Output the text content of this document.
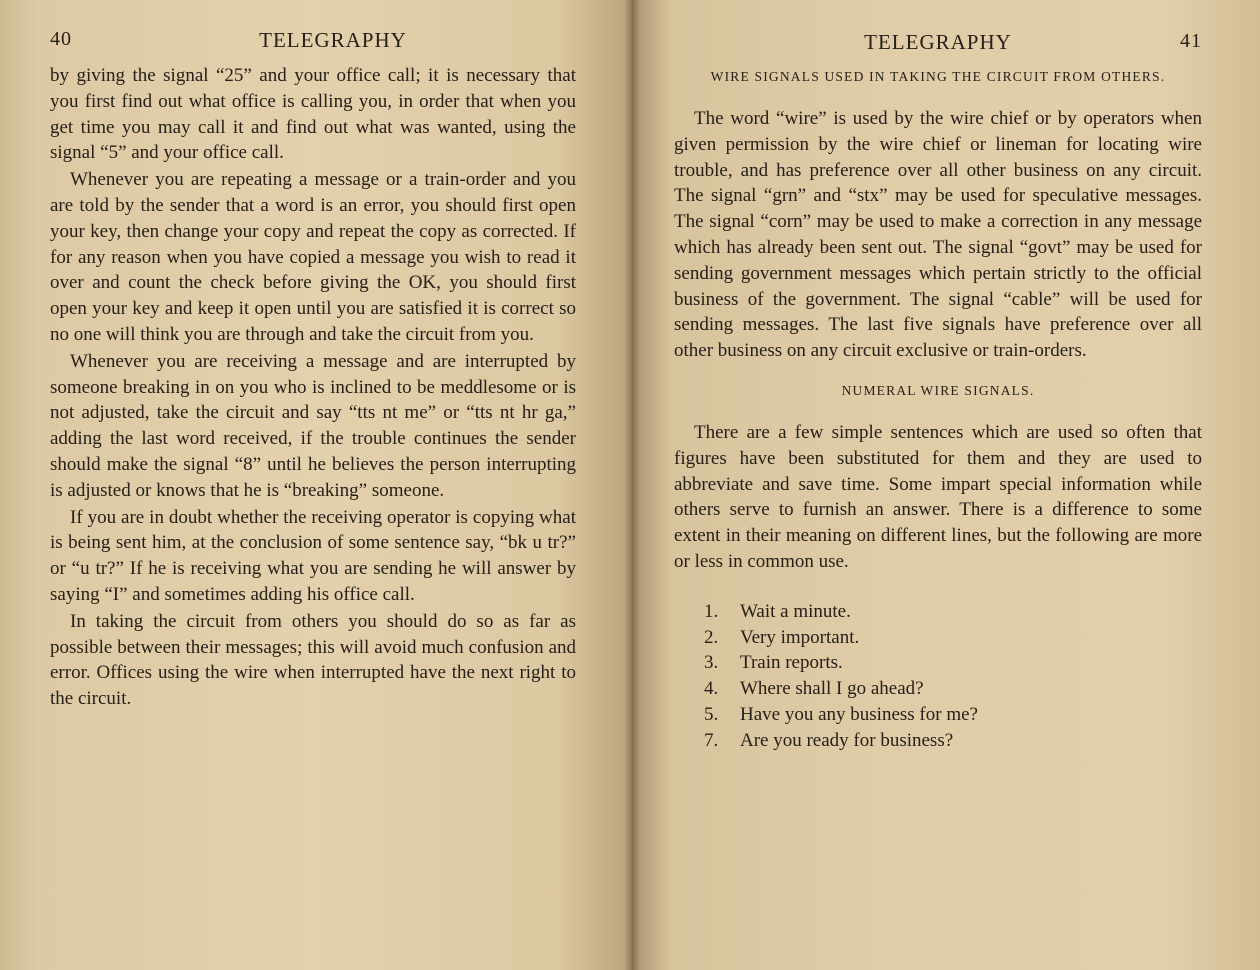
40	TELEGRAPHY

by giving the signal “25” and your office call; it is necessary that you first find out what office is calling you, in order that when you get time you may call it and find out what was wanted, using the signal “5” and your office call.

Whenever you are repeating a message or a train-order and you are told by the sender that a word is an error, you should first open your key, then change your copy and repeat the copy as corrected. If for any reason when you have copied a message you wish to read it over and count the check before giving the OK, you should first open your key and keep it open until you are satisfied it is correct so no one will think you are through and take the circuit from you.

Whenever you are receiving a message and are interrupted by someone breaking in on you who is inclined to be meddlesome or is not adjusted, take the circuit and say “tts nt me” or “tts nt hr ga,” adding the last word received, if the trouble continues the sender should make the signal “8” until he believes the person interrupting is adjusted or knows that he is “breaking” someone.

If you are in doubt whether the receiving operator is copying what is being sent him, at the conclusion of some sentence say, “bk u tr?” or “u tr?” If he is receiving what you are sending he will answer by saying “I” and sometimes adding his office call.

In taking the circuit from others you should do so as far as possible between their messages; this will avoid much confusion and error. Offices using the wire when interrupted have the next right to the circuit.

TELEGRAPHY	41
WIRE SIGNALS USED IN TAKING THE CIRCUIT FROM OTHERS.

The word “wire” is used by the wire chief or by operators when given permission by the wire chief or lineman for locating wire trouble, and has preference over all other business on any circuit. The signal “grn” and “stx” may be used for speculative messages. The signal “corn” may be used to make a correction in any message which has already been sent out. The signal “govt” may be used for sending government messages which pertain strictly to the official business of the government. The signal “cable” will be used for sending messages. The last five signals have preference over all other business on any circuit exclusive or train-orders.

NUMERAL WIRE SIGNALS.

There are a few simple sentences which are used so often that figures have been substituted for them and they are used to abbreviate and save time. Some impart special information while others serve to furnish an answer. There is a difference to some extent in their meaning on different lines, but the following are more or less in common use.

1.	Wait a minute.
2.	Very important.
3.	Train reports.
4.	Where shall I go ahead?
5.	Have you any business for me?
7.	Are you ready for business?
